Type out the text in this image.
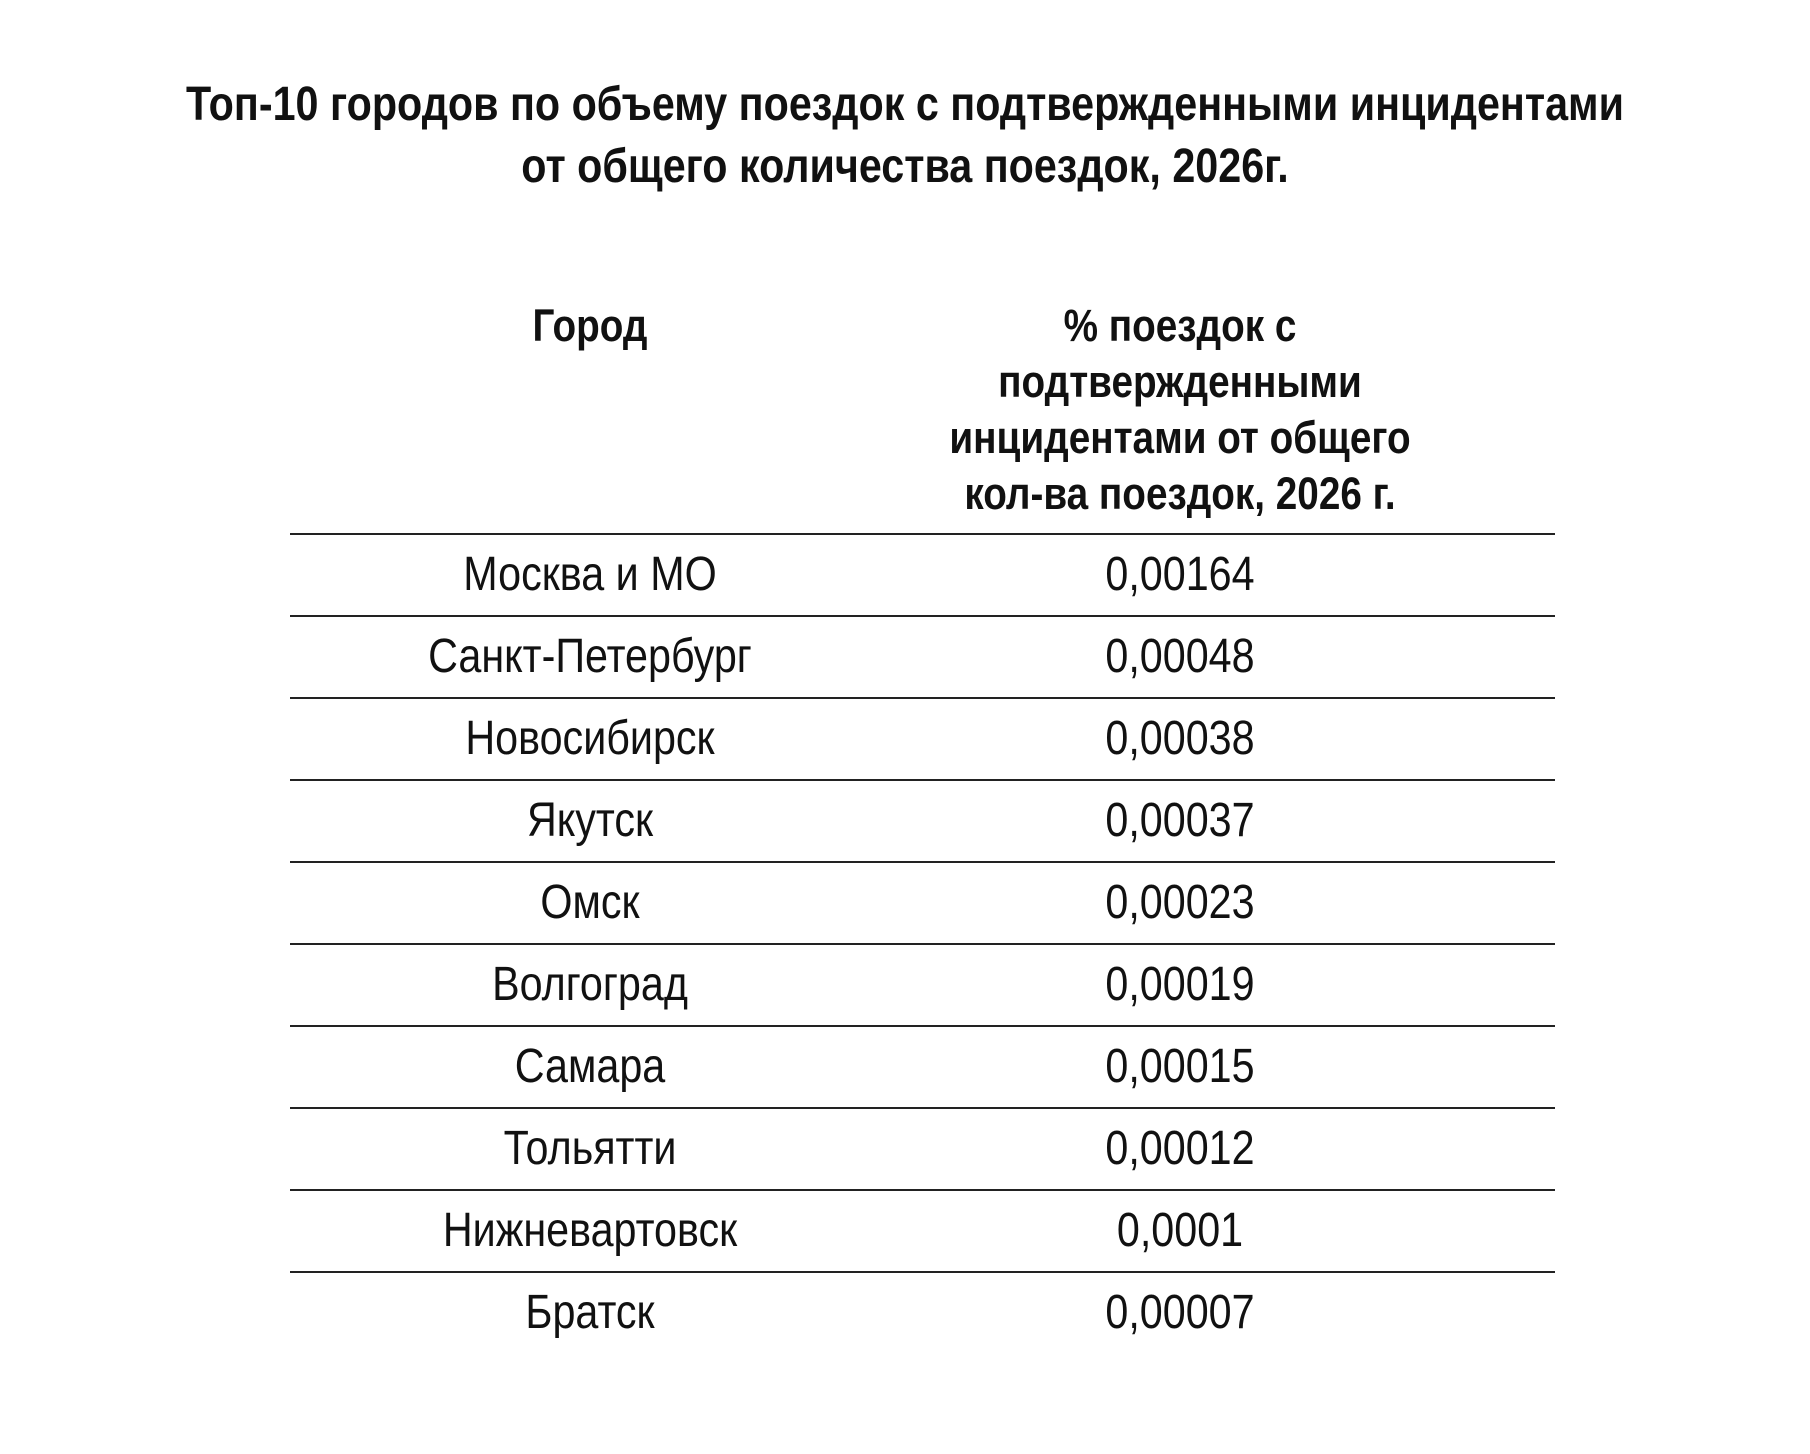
Топ-10 городов по объему поездок с подтвержденными инцидентами
от общего количества поездок, 2026г.
Город	% поездок с
подтвержденными
инцидентами от общего
кол-ва поездок, 2026 г.
Москва и МО	0,00164
Санкт-Петербург	0,00048
Новосибирск	0,00038
Якутск	0,00037
Омск	0,00023
Волгоград	0,00019
Самара	0,00015
Тольятти	0,00012
Нижневартовск	0,0001
Братск	0,00007
